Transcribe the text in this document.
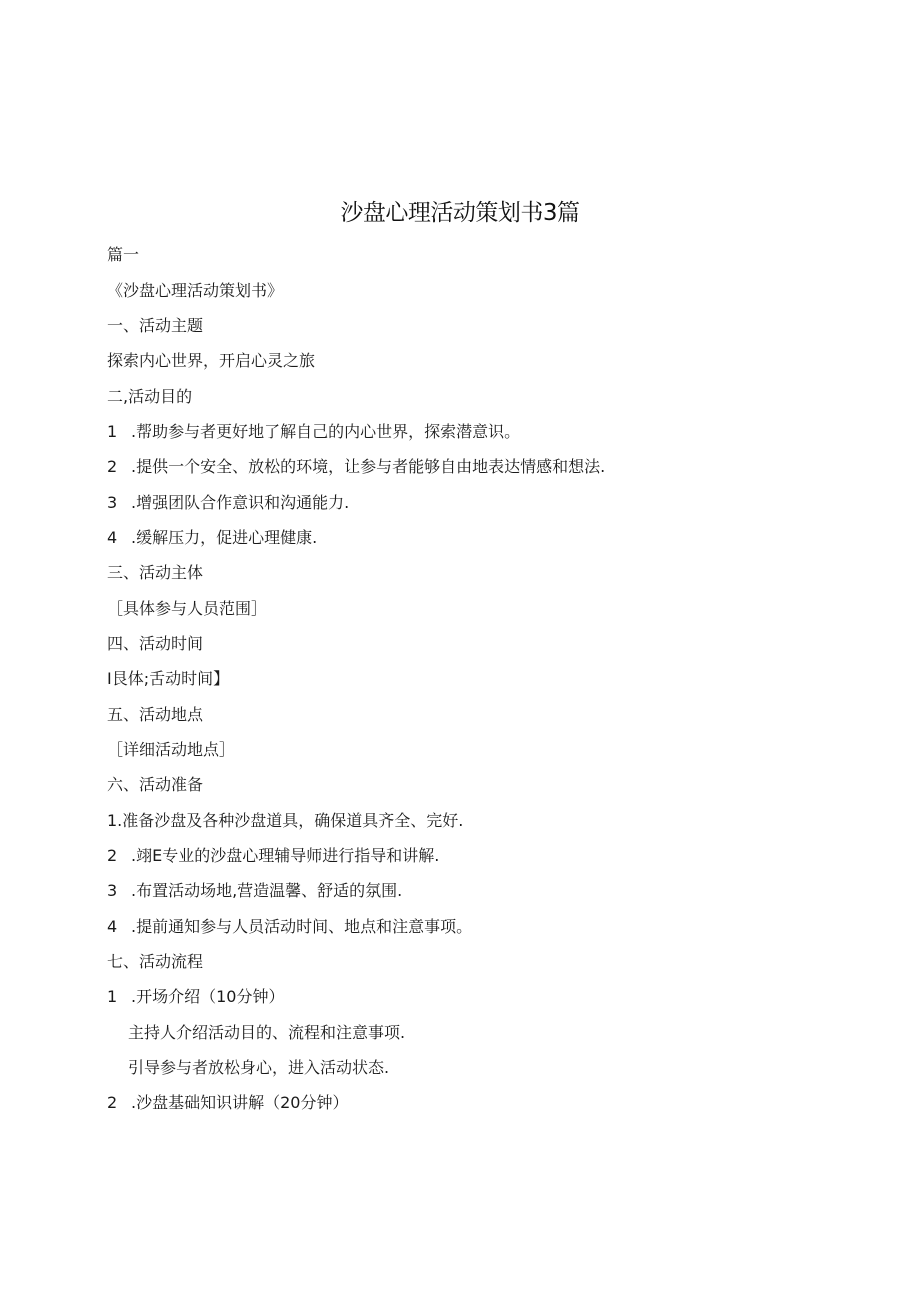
沙盘心理活动策划书3篇
篇一
《沙盘心理活动策划书》
一、活动主题
探索内心世界，开启心灵之旅
二,活动目的
1 .帮助参与者更好地了解自己的内心世界，探索潜意识。
2 .提供一个安全、放松的环境，让参与者能够自由地表达情感和想法.
3 .增强团队合作意识和沟通能力.
4 .缓解压力，促进心理健康.
三、活动主体
［具体参与人员范围］
四、活动时间
I艮体;舌动时间】
五、活动地点
［详细活动地点］
六、活动准备
1.准备沙盘及各种沙盘道具，确保道具齐全、完好.
2 .翊E专业的沙盘心理辅导师进行指导和讲解.
3 .布置活动场地,营造温馨、舒适的氛围.
4 .提前通知参与人员活动时间、地点和注意事项。
七、活动流程
1 .开场介绍（10分钟）
主持人介绍活动目的、流程和注意事项.
引导参与者放松身心，进入活动状态.
2 .沙盘基础知识讲解（20分钟）
